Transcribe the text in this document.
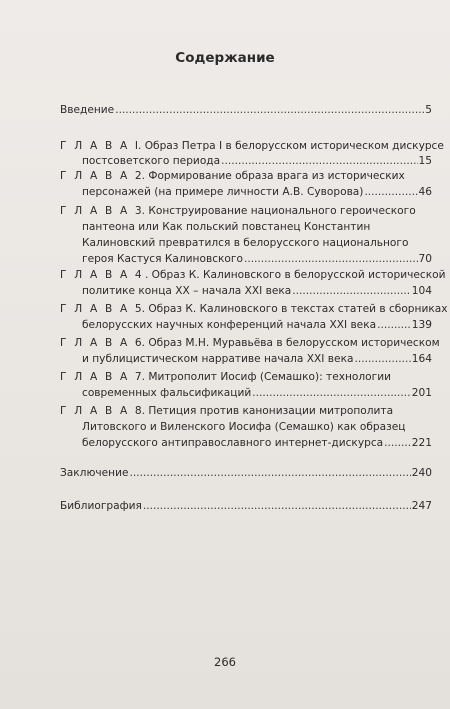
Содержание
Введение .....	5
Г Л А В А I. Образ Петра I в белорусском историческом дискурсе
постсоветского периода .....	15
Г Л А В А 2. Формирование образа врага из исторических
персонажей (на примере личности А.В. Суворова) .....	46
Г Л А В А 3. Конструирование национального героического
пантеона или Как польский повстанец Константин
Калиновский превратился в белорусского национального
героя Кастуся Калиновского .....	70
Г Л А В А 4 . Образ К. Калиновского в белорусской исторической
политике конца XX – начала XXI века .....	104
Г Л А В А 5. Образ К. Калиновского в текстах статей в сборниках
белорусских научных конференций начала XXI века .....	139
Г Л А В А 6. Образ М.Н. Муравьёва в белорусском историческом
и публицистическом нарративе начала XXI века .....	164
Г Л А В А 7. Митрополит Иосиф (Семашко): технологии
современных фальсификаций .....	201
Г Л А В А 8. Петиция против канонизации митрополита
Литовского и Виленского Иосифа (Семашко) как образец
белорусского антиправославного интернет-дискурса .....	221
Заключение .....	240
Библиография .....	247
266
